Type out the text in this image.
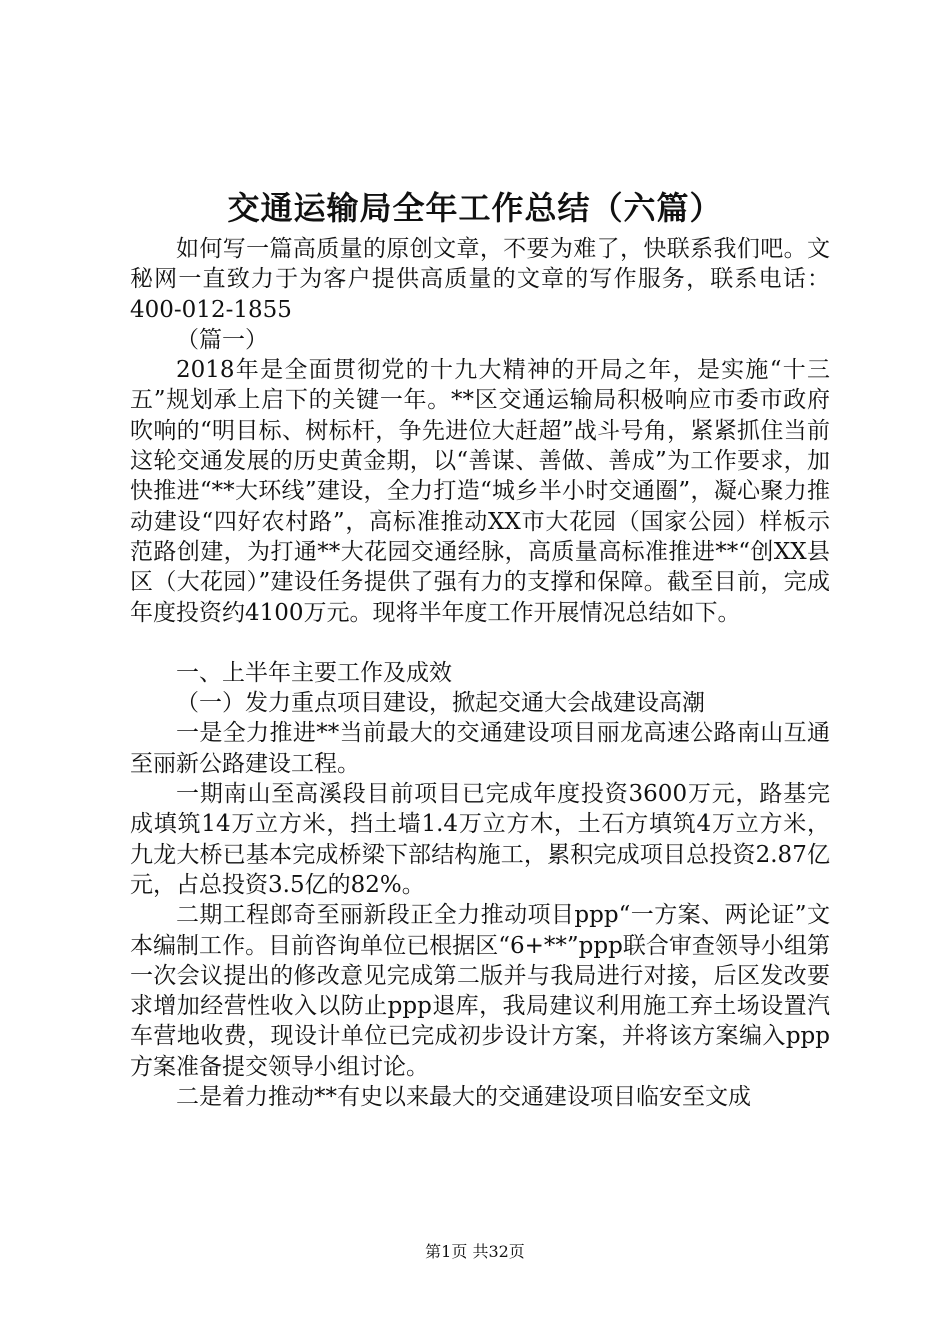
交通运输局全年工作总结（六篇）

如何写一篇高质量的原创文章，不要为难了，快联系我们吧。文秘网一直致力于为客户提供高质量的文章的写作服务，联系电话：400-012-1855

（篇一）

2018年是全面贯彻党的十九大精神的开局之年，是实施“十三五”规划承上启下的关键一年。**区交通运输局积极响应市委市政府吹响的“明目标、树标杆，争先进位大赶超”战斗号角，紧紧抓住当前这轮交通发展的历史黄金期，以“善谋、善做、善成”为工作要求，加快推进“**大环线”建设，全力打造“城乡半小时交通圈”，凝心聚力推动建设“四好农村路”，高标准推动XX市大花园（国家公园）样板示范路创建，为打通**大花园交通经脉，高质量高标准推进**“创XX县区（大花园）”建设任务提供了强有力的支撑和保障。截至目前，完成年度投资约4100万元。现将半年度工作开展情况总结如下。

一、上半年主要工作及成效

（一）发力重点项目建设，掀起交通大会战建设高潮

一是全力推进**当前最大的交通建设项目丽龙高速公路南山互通至丽新公路建设工程。

一期南山至高溪段目前项目已完成年度投资3600万元，路基完成填筑14万立方米，挡土墙1.4万立方木，土石方填筑4万立方米，九龙大桥已基本完成桥梁下部结构施工，累积完成项目总投资2.87亿元，占总投资3.5亿的82%。

二期工程郎奇至丽新段正全力推动项目ppp“一方案、两论证”文本编制工作。目前咨询单位已根据区“6+**”ppp联合审查领导小组第一次会议提出的修改意见完成第二版并与我局进行对接，后区发改要求增加经营性收入以防止ppp退库，我局建议利用施工弃土场设置汽车营地收费，现设计单位已完成初步设计方案，并将该方案编入ppp方案准备提交领导小组讨论。

二是着力推动**有史以来最大的交通建设项目临安至文成

第1页 共32页
